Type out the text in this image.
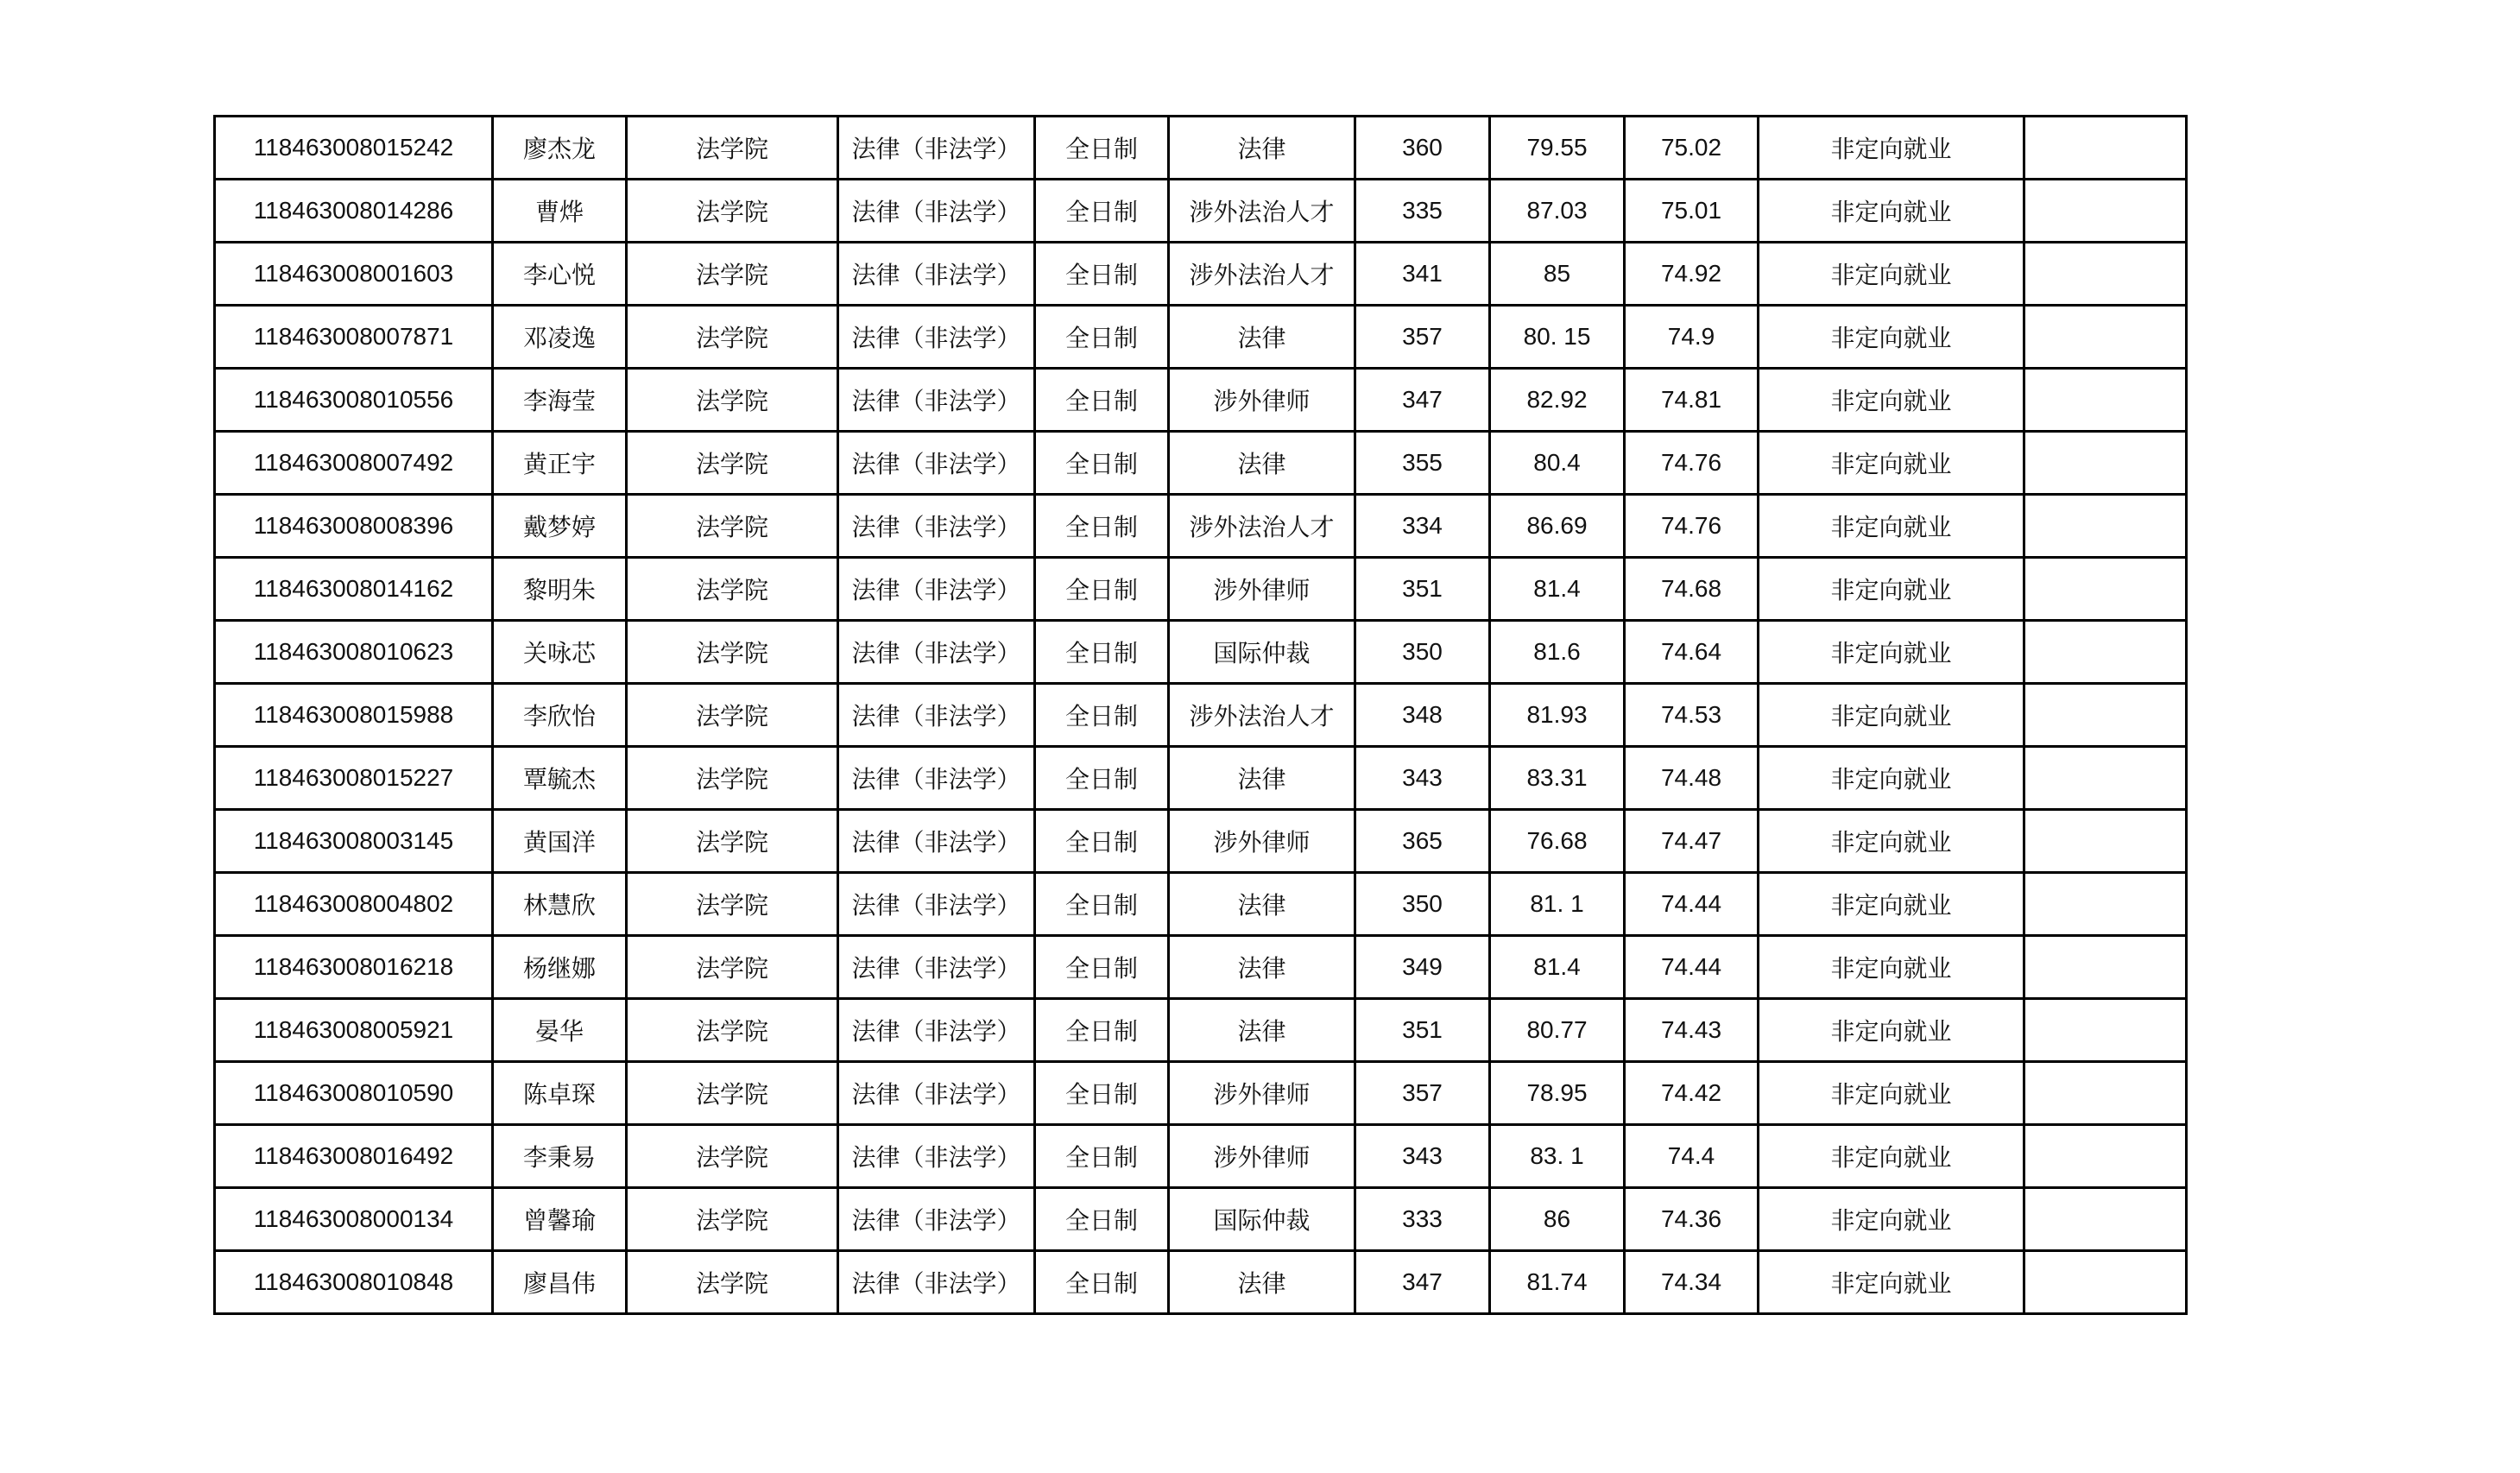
118463008015242	廖杰龙	法学院	法律（非法学）	全日制	法律	360	79.55	75.02	非定向就业	
118463008014286	曹烨	法学院	法律（非法学）	全日制	涉外法治人才	335	87.03	75.01	非定向就业	
118463008001603	李心悦	法学院	法律（非法学）	全日制	涉外法治人才	341	85	74.92	非定向就业	
118463008007871	邓凌逸	法学院	法律（非法学）	全日制	法律	357	80. 15	74.9	非定向就业	
118463008010556	李海莹	法学院	法律（非法学）	全日制	涉外律师	347	82.92	74.81	非定向就业	
118463008007492	黄正宇	法学院	法律（非法学）	全日制	法律	355	80.4	74.76	非定向就业	
118463008008396	戴梦婷	法学院	法律（非法学）	全日制	涉外法治人才	334	86.69	74.76	非定向就业	
118463008014162	黎明朱	法学院	法律（非法学）	全日制	涉外律师	351	81.4	74.68	非定向就业	
118463008010623	关咏芯	法学院	法律（非法学）	全日制	国际仲裁	350	81.6	74.64	非定向就业	
118463008015988	李欣怡	法学院	法律（非法学）	全日制	涉外法治人才	348	81.93	74.53	非定向就业	
118463008015227	覃毓杰	法学院	法律（非法学）	全日制	法律	343	83.31	74.48	非定向就业	
118463008003145	黄国洋	法学院	法律（非法学）	全日制	涉外律师	365	76.68	74.47	非定向就业	
118463008004802	林慧欣	法学院	法律（非法学）	全日制	法律	350	81. 1	74.44	非定向就业	
118463008016218	杨继娜	法学院	法律（非法学）	全日制	法律	349	81.4	74.44	非定向就业	
118463008005921	晏华	法学院	法律（非法学）	全日制	法律	351	80.77	74.43	非定向就业	
118463008010590	陈卓琛	法学院	法律（非法学）	全日制	涉外律师	357	78.95	74.42	非定向就业	
118463008016492	李秉易	法学院	法律（非法学）	全日制	涉外律师	343	83. 1	74.4	非定向就业	
118463008000134	曾馨瑜	法学院	法律（非法学）	全日制	国际仲裁	333	86	74.36	非定向就业	
118463008010848	廖昌伟	法学院	法律（非法学）	全日制	法律	347	81.74	74.34	非定向就业	
